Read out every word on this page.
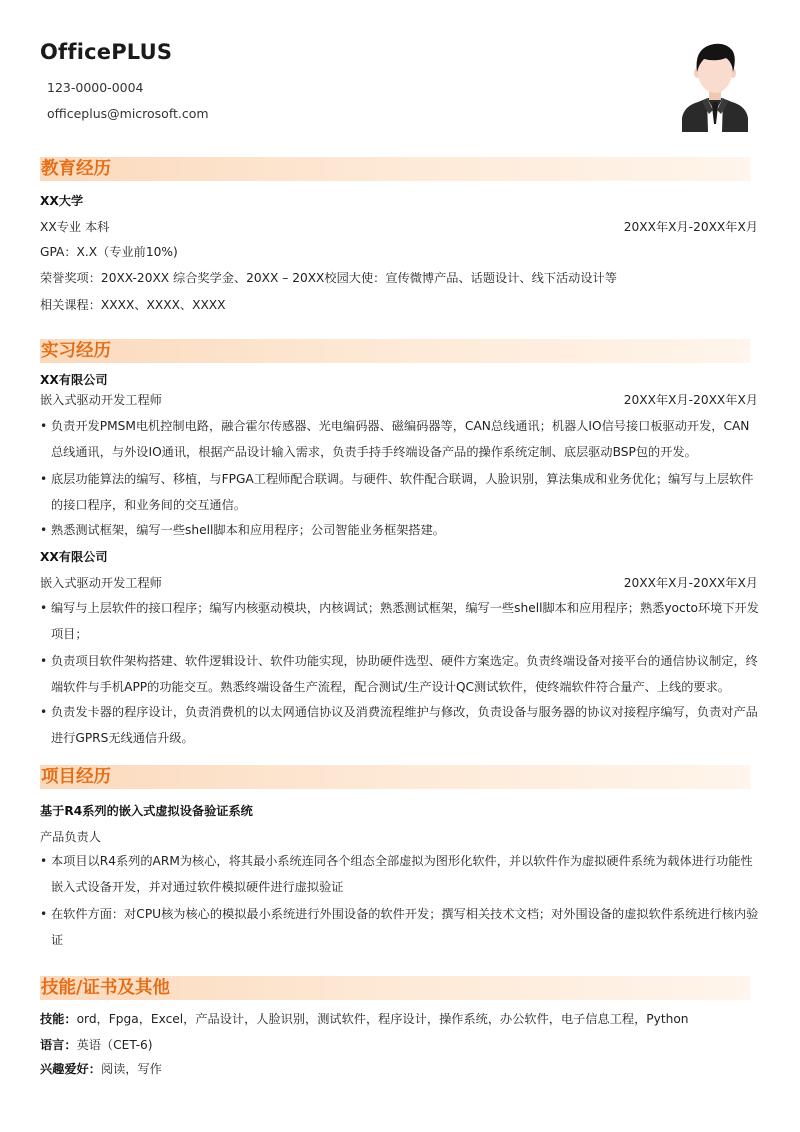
OfficePLUS
123-0000-0004
officeplus@microsoft.com
教育经历
XX大学
XX专业 本科	20XX年X月-20XX年X月
GPA：X.X（专业前10%)
荣誉奖项：20XX-20XX 综合奖学金、20XX – 20XX校园大使：宣传微博产品、话题设计、线下活动设计等
相关课程：XXXX、XXXX、XXXX
实习经历
XX有限公司
嵌入式驱动开发工程师	20XX年X月-20XX年X月
• 负责开发PMSM电机控制电路，融合霍尔传感器、光电编码器、磁编码器等，CAN总线通讯；机器人IO信号接口板驱动开发，CAN总线通讯，与外设IO通讯，根据产品设计输入需求，负责手持手终端设备产品的操作系统定制、底层驱动BSP包的开发。
• 底层功能算法的编写、移植，与FPGA工程师配合联调。与硬件、软件配合联调，人脸识别，算法集成和业务优化；编写与上层软件的接口程序，和业务间的交互通信。
• 熟悉测试框架，编写一些shell脚本和应用程序；公司智能业务框架搭建。
XX有限公司
嵌入式驱动开发工程师	20XX年X月-20XX年X月
• 编写与上层软件的接口程序；编写内核驱动模块，内核调试；熟悉测试框架，编写一些shell脚本和应用程序；熟悉yocto环境下开发项目；
• 负责项目软件架构搭建、软件逻辑设计、软件功能实现，协助硬件选型、硬件方案选定。负责终端设备对接平台的通信协议制定，终端软件与手机APP的功能交互。熟悉终端设备生产流程，配合测试/生产设计QC测试软件，使终端软件符合量产、上线的要求。
• 负责发卡器的程序设计，负责消费机的以太网通信协议及消费流程维护与修改，负责设备与服务器的协议对接程序编写，负责对产品进行GPRS无线通信升级。
项目经历
基于R4系列的嵌入式虚拟设备验证系统
产品负责人
• 本项目以R4系列的ARM为核心，将其最小系统连同各个组态全部虚拟为图形化软件，并以软件作为虚拟硬件系统为载体进行功能性嵌入式设备开发，并对通过软件模拟硬件进行虚拟验证
• 在软件方面：对CPU核为核心的模拟最小系统进行外围设备的软件开发；撰写相关技术文档；对外围设备的虚拟软件系统进行核内验证
技能/证书及其他
技能：ord，Fpga，Excel，产品设计，人脸识别，测试软件，程序设计，操作系统，办公软件，电子信息工程，Python
语言：英语（CET-6)
兴趣爱好：阅读，写作
